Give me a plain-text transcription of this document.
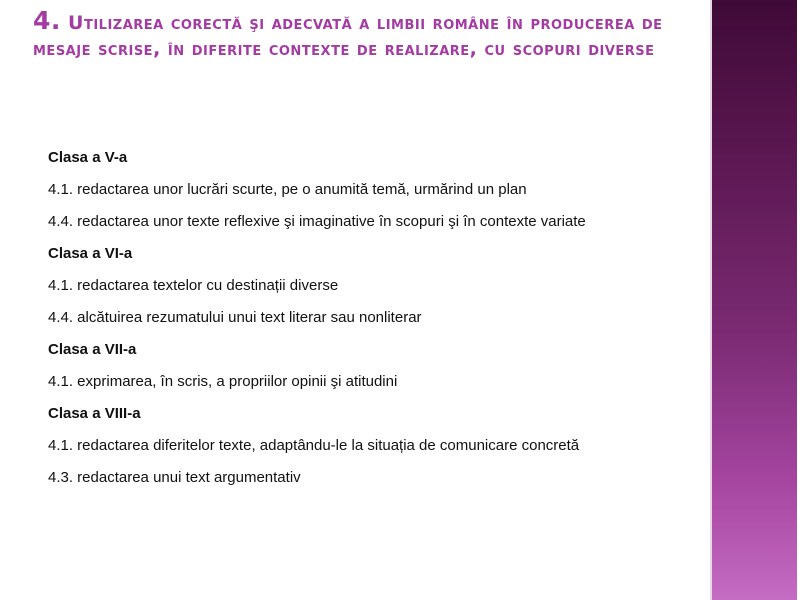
4. Utilizarea corectă şi adecvată a limbii române în producerea de mesaje scrise, în diferite contexte de realizare, cu scopuri diverse
Clasa a V-a
4.1. redactarea unor lucrări scurte, pe o anumită temă, urmărind un plan
4.4. redactarea unor texte reflexive şi imaginative în scopuri şi în contexte variate
Clasa a VI-a
4.1. redactarea textelor cu destinații diverse
4.4. alcătuirea rezumatului unui text literar sau nonliterar
Clasa a VII-a
4.1. exprimarea, în scris, a propriilor opinii şi atitudini
Clasa a VIII-a
4.1. redactarea diferitelor texte, adaptându-le la situația de comunicare concretă
4.3. redactarea unui text argumentativ
